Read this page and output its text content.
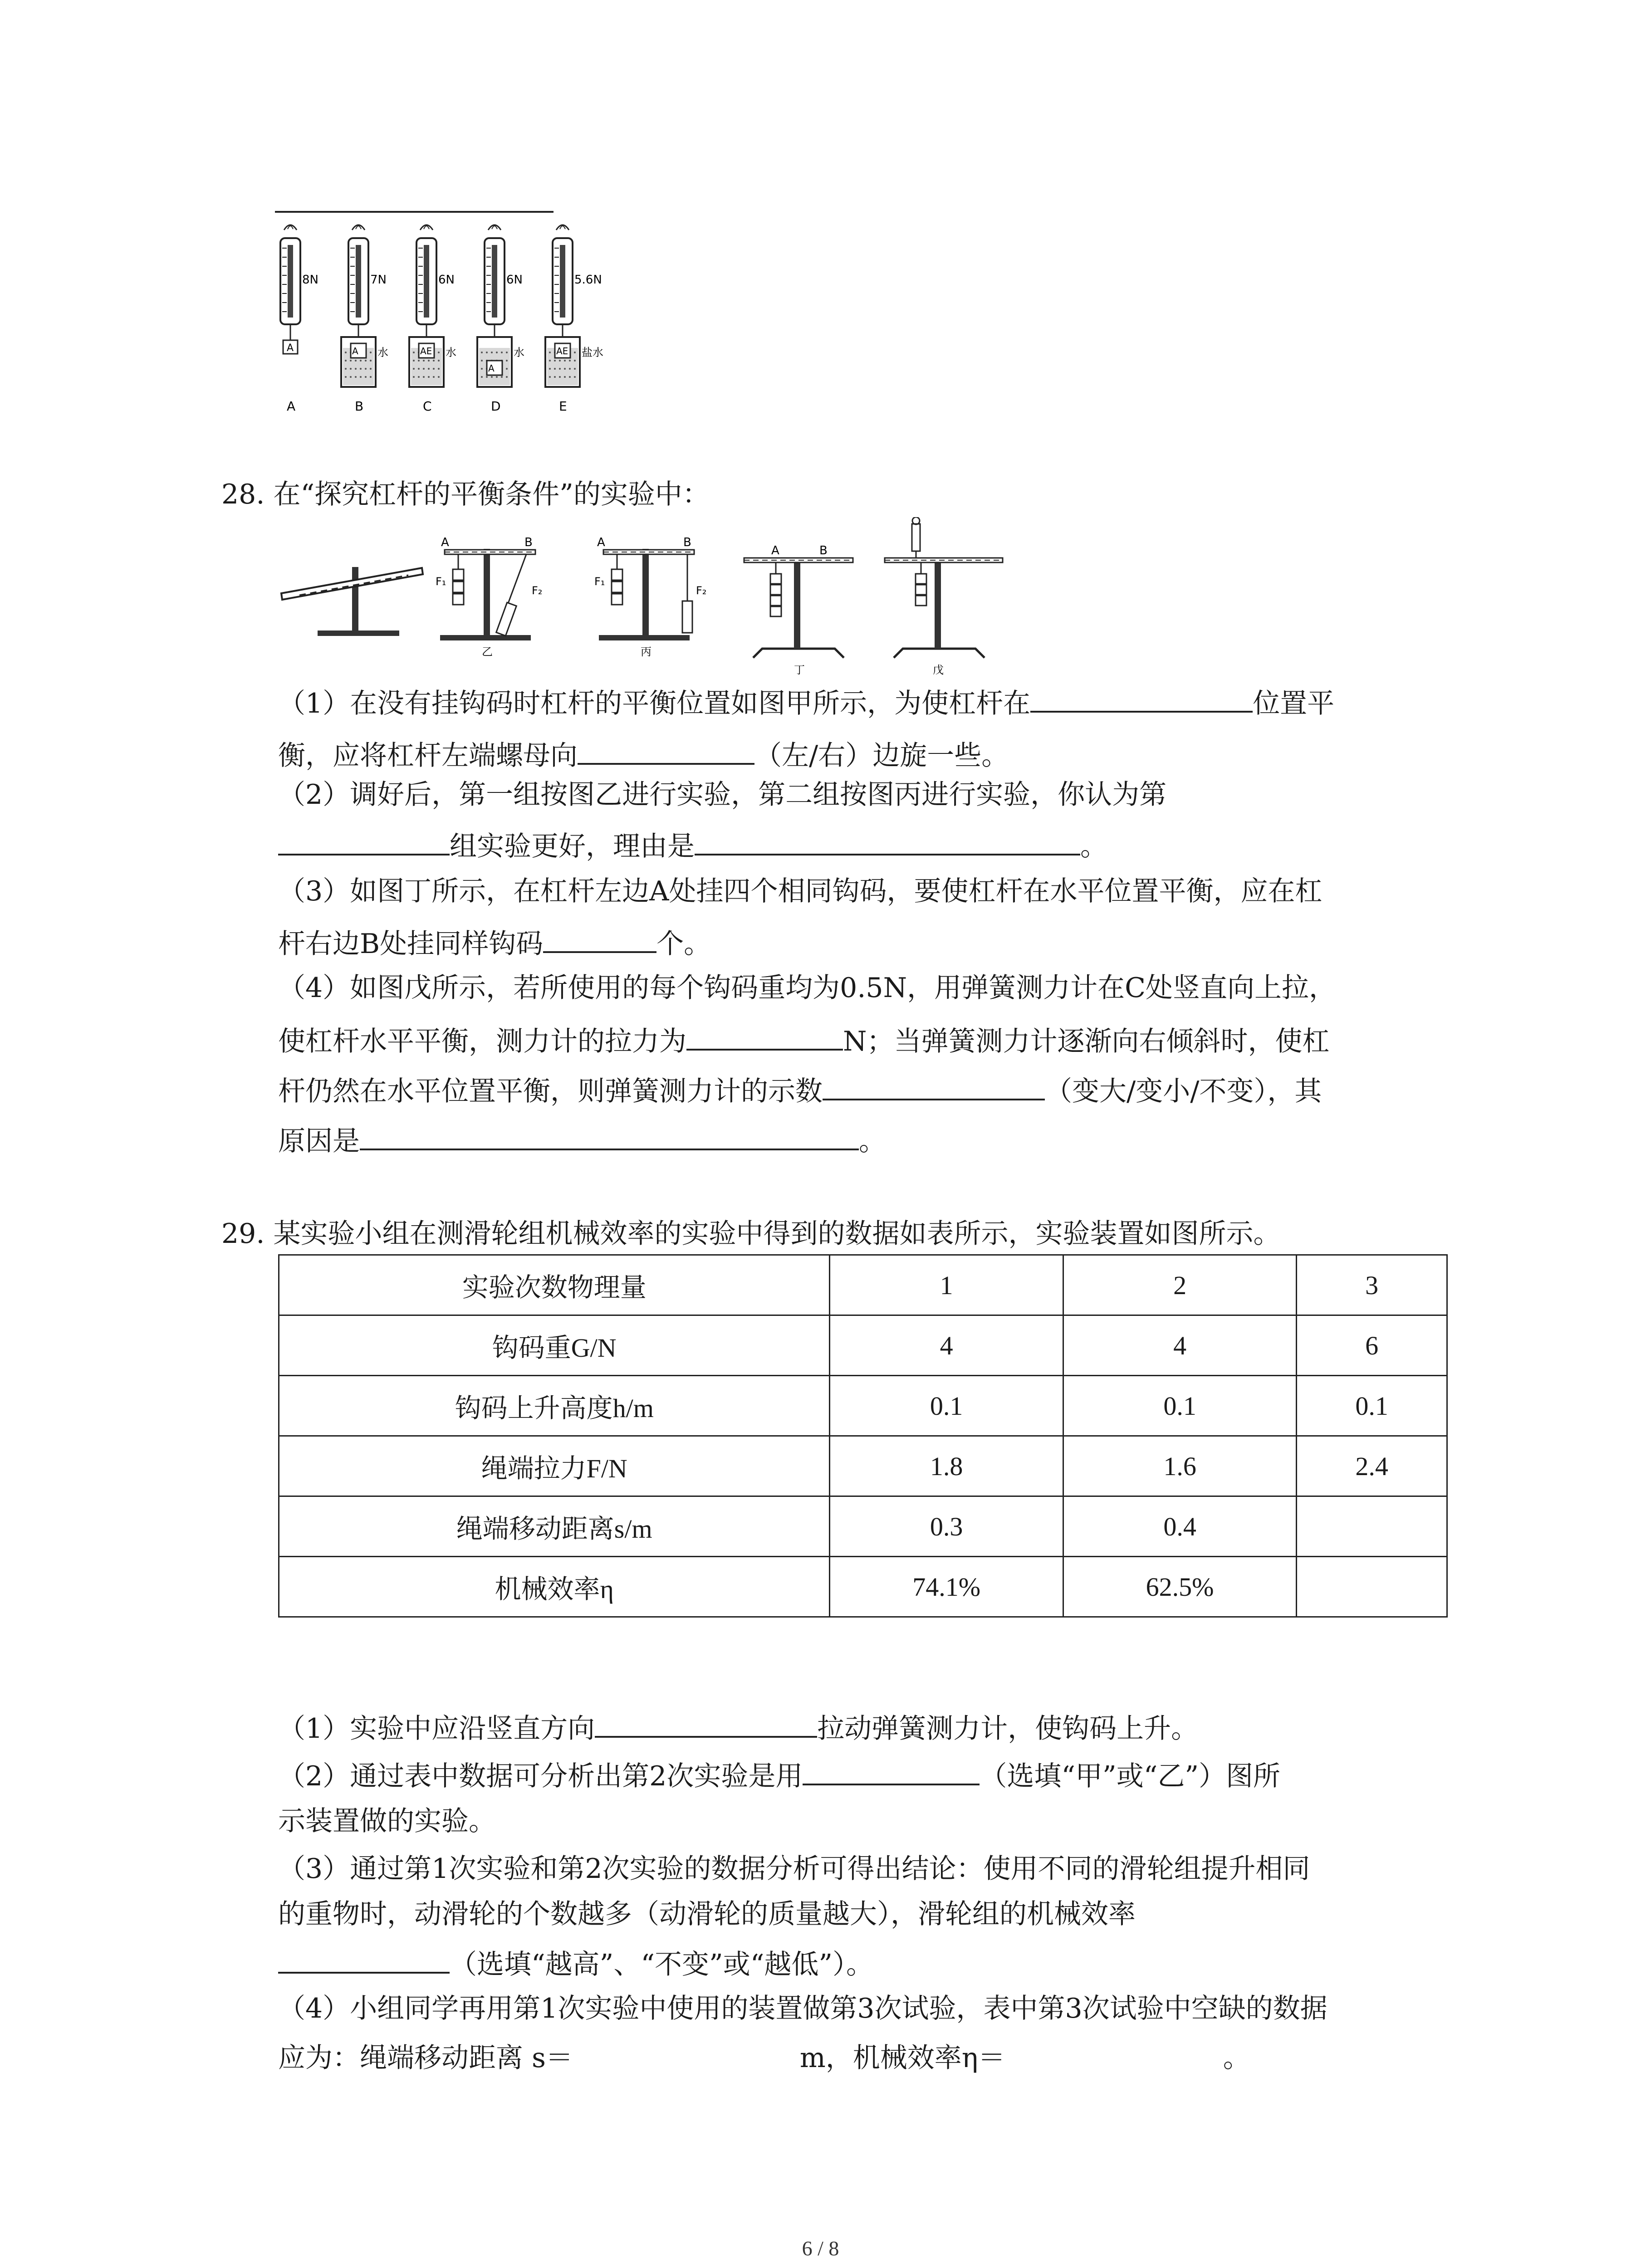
8N
A
A
7N
A 水
B
6N
AE 水
C
6N
A
水
D
5.6N
AE 盐水
E
28. 在“探究杠杆的平衡条件”的实验中：
A	B
F₁
F₂
乙
A	B
F₁
F₂
丙
A	B
丁	戊
（1）在没有挂钩码时杠杆的平衡位置如图甲所示，为使杠杆在	位置平
衡，应将杠杆左端螺母向	（左/右）边旋一些。
（2）调好后，第一组按图乙进行实验，第二组按图丙进行实验，你认为第
组实验更好，理由是	。
（3）如图丁所示，在杠杆左边A处挂四个相同钩码，要使杠杆在水平位置平衡，应在杠
杆右边B处挂同样钩码	个。
（4）如图戊所示，若所使用的每个钩码重均为0.5N，用弹簧测力计在C处竖直向上拉，
使杠杆水平平衡，测力计的拉力为	N；当弹簧测力计逐渐向右倾斜时，使杠
杆仍然在水平位置平衡，则弹簧测力计的示数	（变大/变小/不变），其
原因是	。
29. 某实验小组在测滑轮组机械效率的实验中得到的数据如表所示，实验装置如图所示。
实验次数物理量	1	2	3
钩码重G/N	4	4	6
钩码上升高度h/m	0.1	0.1	0.1
绳端拉力F/N	1.8	1.6	2.4
绳端移动距离s/m	0.3	0.4	
机械效率η	74.1%	62.5%	
（1）实验中应沿竖直方向	拉动弹簧测力计，使钩码上升。
（2）通过表中数据可分析出第2次实验是用	（选填“甲”或“乙”）图所
示装置做的实验。
（3）通过第1次实验和第2次实验的数据分析可得出结论：使用不同的滑轮组提升相同
的重物时，动滑轮的个数越多（动滑轮的质量越大），滑轮组的机械效率
（选填“越高”、“不变”或“越低”）。
（4）小组同学再用第1次实验中使用的装置做第3次试验，表中第3次试验中空缺的数据
应为：绳端移动距离 s＝	m，机械效率η＝	。
6 / 8
